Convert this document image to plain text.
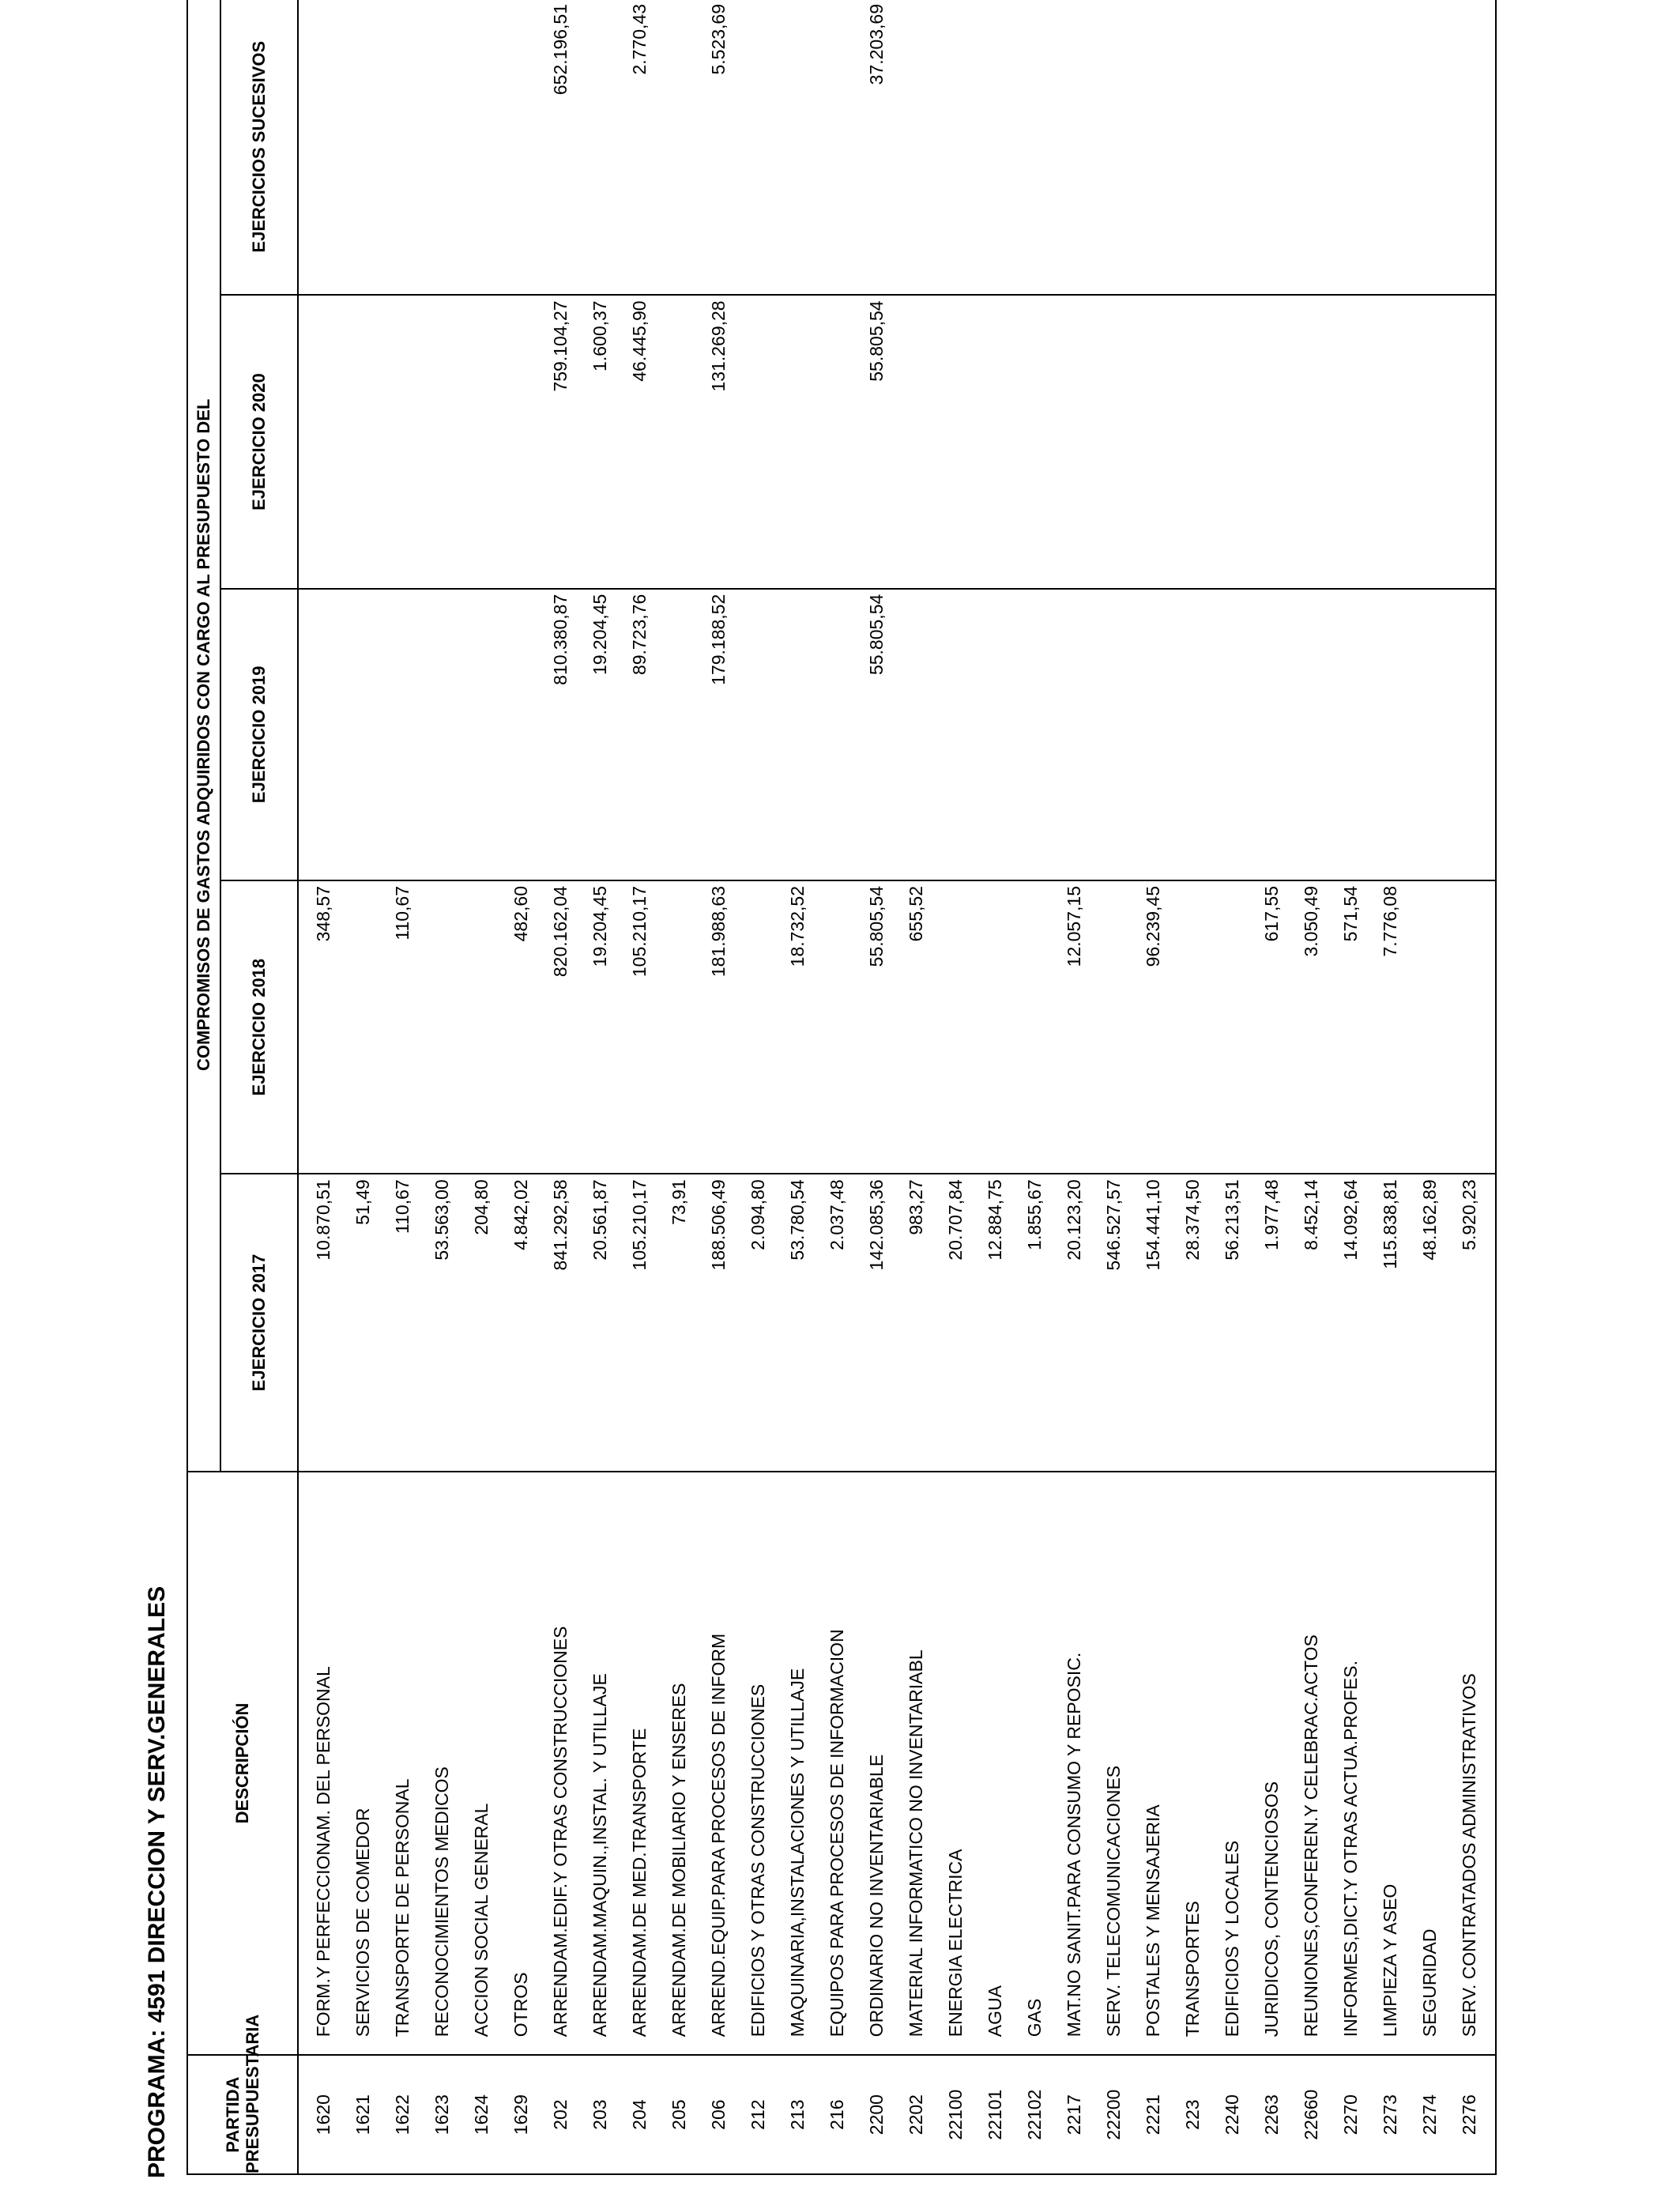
PROGRAMA: 4591 DIRECCION Y SERV.GENERALES	PARTIDA PRESUPUESTARIA	DESCRIPCIÓN	COMPROMISOS DE GASTOS ADQUIRIDOS CON CARGO AL PRESUPUESTO DEL				
		EJERCICIO 2017	EJERCICIO 2018	EJERCICIO 2019	EJERCICIO 2020	EJERCICIOS SUCESIVOS
1620	FORM.Y PERFECCIONAM. DEL PERSONAL	10.870,51	348,57			
1621	SERVICIOS DE COMEDOR	51,49				
1622	TRANSPORTE DE PERSONAL	110,67	110,67			
1623	RECONOCIMIENTOS MEDICOS	53.563,00				
1624	ACCION SOCIAL GENERAL	204,80				
1629	OTROS	4.842,02	482,60			
202	ARRENDAM.EDIF.Y OTRAS CONSTRUCCIONES	841.292,58	820.162,04	810.380,87	759.104,27	652.196,51
203	ARRENDAM.MAQUIN.,INSTAL. Y UTILLAJE	20.561,87	19.204,45	19.204,45	1.600,37	
204	ARRENDAM.DE MED.TRANSPORTE	105.210,17	105.210,17	89.723,76	46.445,90	2.770,43
205	ARRENDAM.DE MOBILIARIO Y ENSERES	73,91				
206	ARREND.EQUIP.PARA PROCESOS DE INFORM	188.506,49	181.988,63	179.188,52	131.269,28	5.523,69
212	EDIFICIOS Y OTRAS CONSTRUCCIONES	2.094,80				
213	MAQUINARIA,INSTALACIONES Y UTILLAJE	53.780,54	18.732,52			
216	EQUIPOS PARA PROCESOS DE INFORMACION	2.037,48				
2200	ORDINARIO NO INVENTARIABLE	142.085,36	55.805,54	55.805,54	55.805,54	37.203,69
2202	MATERIAL INFORMATICO NO INVENTARIABL	983,27	655,52			
22100	ENERGIA ELECTRICA	20.707,84				
22101	AGUA	12.884,75				
22102	GAS	1.855,67				
2217	MAT.NO SANIT.PARA CONSUMO Y REPOSIC.	20.123,20	12.057,15			
22200	SERV. TELECOMUNICACIONES	546.527,57				
2221	POSTALES Y MENSAJERIA	154.441,10	96.239,45			
223	TRANSPORTES	28.374,50				
2240	EDIFICIOS Y LOCALES	56.213,51				
2263	JURIDICOS, CONTENCIOSOS	1.977,48	617,55			
22660	REUNIONES,CONFEREN.Y CELEBRAC.ACTOS	8.452,14	3.050,49			
2270	INFORMES,DICT.Y OTRAS ACTUA.PROFES.	14.092,64	571,54			
2273	LIMPIEZA Y ASEO	115.838,81	7.776,08			
2274	SEGURIDAD	48.162,89				
2276	SERV. CONTRATADOS ADMINISTRATIVOS	5.920,23				
